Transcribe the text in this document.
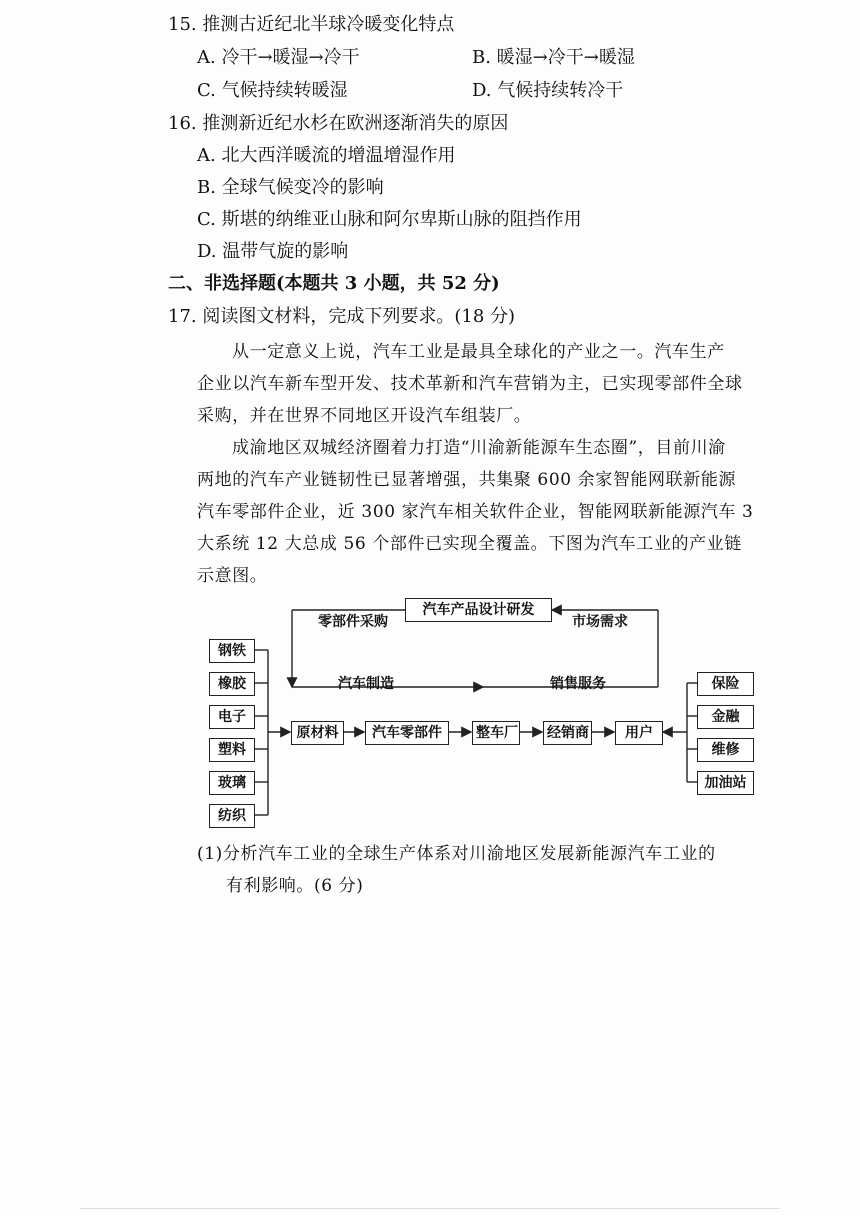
15. 推测古近纪北半球冷暖变化特点
A. 冷干→暖湿→冷干	B. 暖湿→冷干→暖湿
C. 气候持续转暖湿	D. 气候持续转冷干
16. 推测新近纪水杉在欧洲逐渐消失的原因
A. 北大西洋暖流的增温增湿作用
B. 全球气候变冷的影响
C. 斯堪的纳维亚山脉和阿尔卑斯山脉的阻挡作用
D. 温带气旋的影响
二、非选择题(本题共 3 小题，共 52 分)
17. 阅读图文材料，完成下列要求。(18 分)
从一定意义上说，汽车工业是最具全球化的产业之一。汽车生产
企业以汽车新车型开发、技术革新和汽车营销为主，已实现零部件全球
采购，并在世界不同地区开设汽车组装厂。
成渝地区双城经济圈着力打造“川渝新能源车生态圈”，目前川渝
两地的汽车产业链韧性已显著增强，共集聚 600 余家智能网联新能源
汽车零部件企业，近 300 家汽车相关软件企业，智能网联新能源汽车 3
大系统 12 大总成 56 个部件已实现全覆盖。下图为汽车工业的产业链
示意图。
汽车产品设计研发
零部件采购	市场需求
汽车制造	销售服务
钢铁
橡胶
电子
塑料
玻璃
纺织
原材料	汽车零部件	整车厂 经销商	用户
保险
金融
维修
加油站
(1)分析汽车工业的全球生产体系对川渝地区发展新能源汽车工业的
有利影响。(6 分)
